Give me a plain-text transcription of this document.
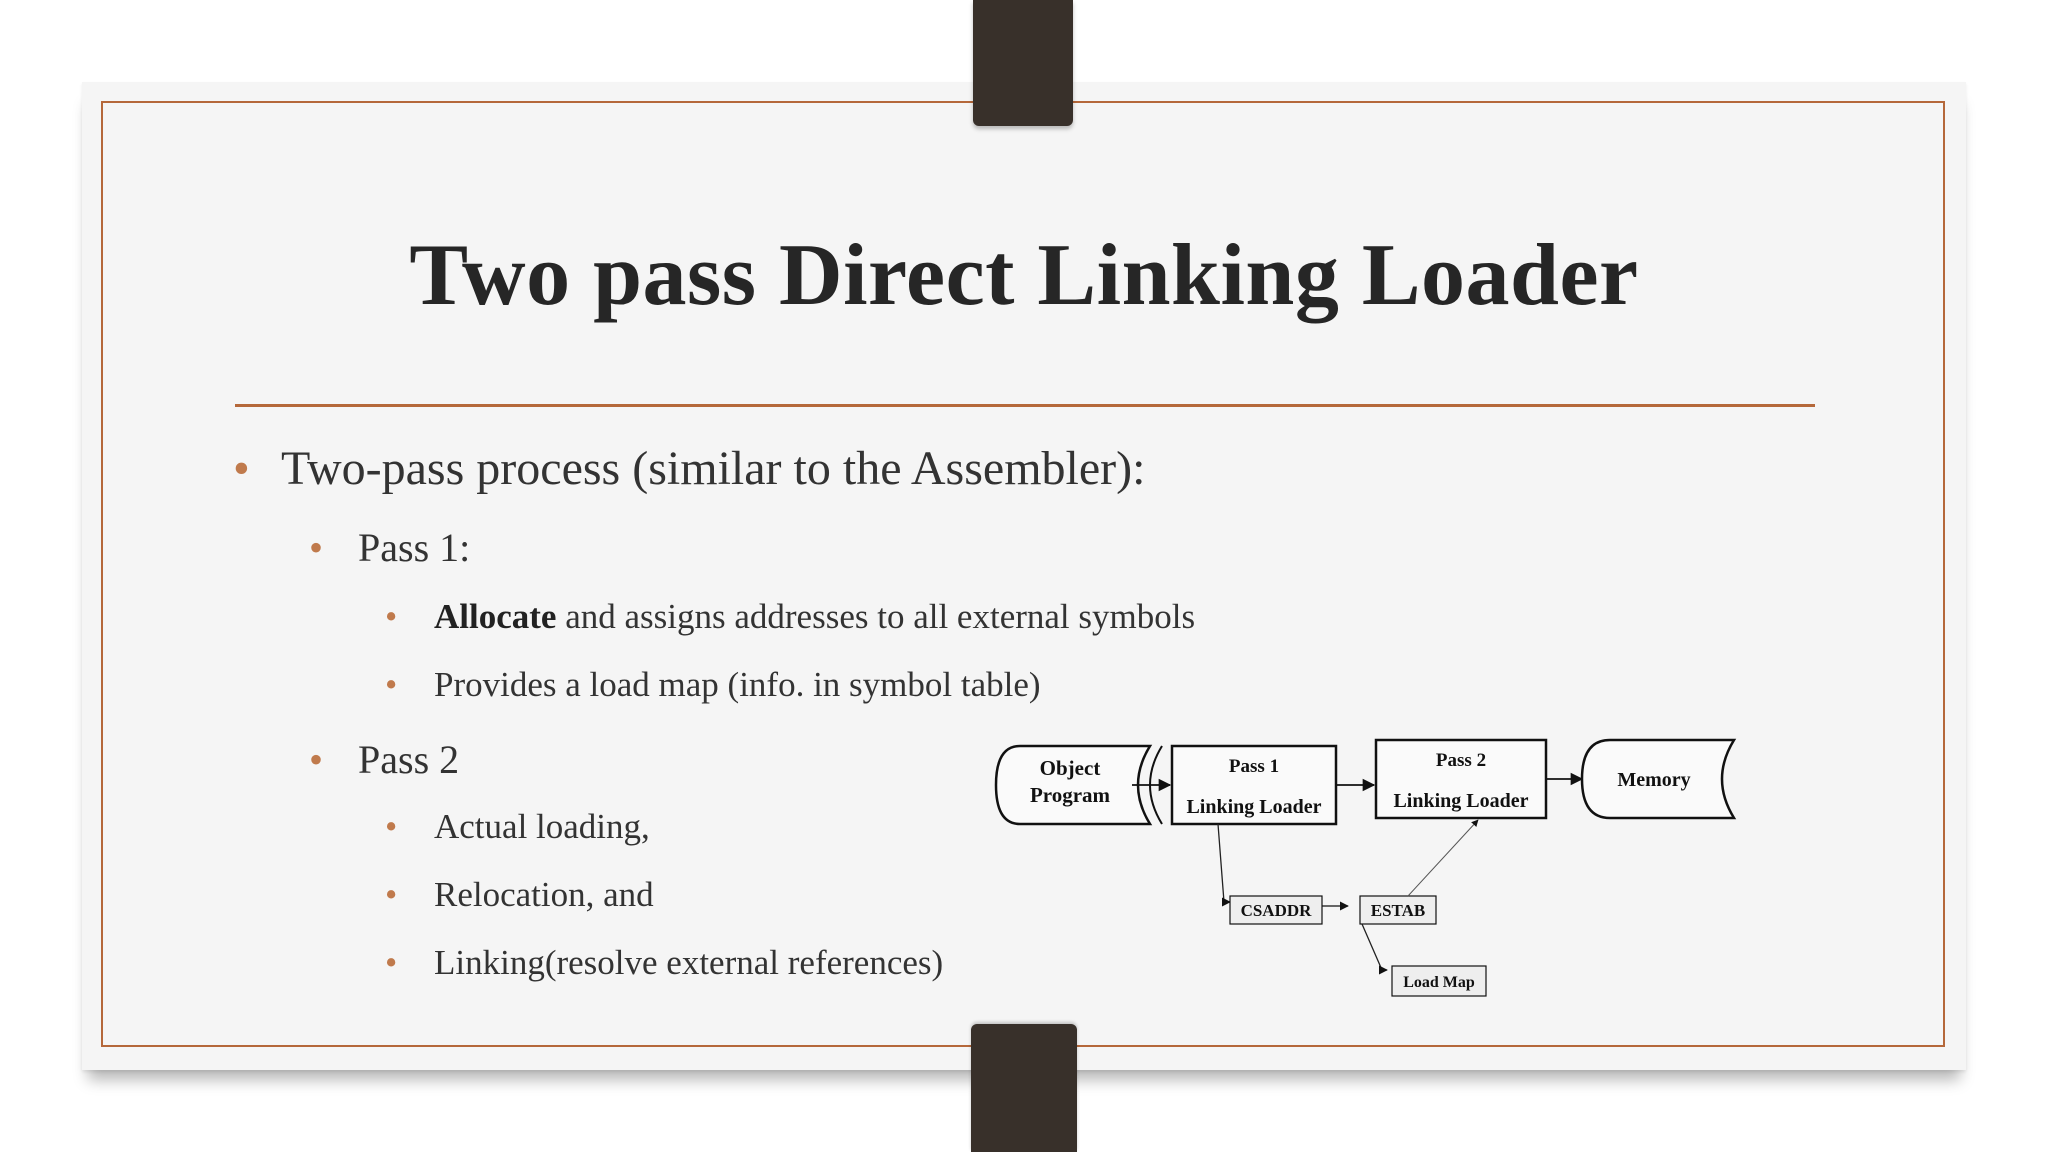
Two pass Direct Linking Loader
• Two-pass process (similar to the Assembler):
• Pass 1:
• Allocate and assigns addresses to all external symbols
• Provides a load map (info. in symbol table)
• Pass 2
• Actual loading,
• Relocation, and
• Linking(resolve external references)
Object
Program
Pass 1
Linking Loader
Pass 2
Linking Loader
Memory
CSADDR	ESTAB
Load Map
